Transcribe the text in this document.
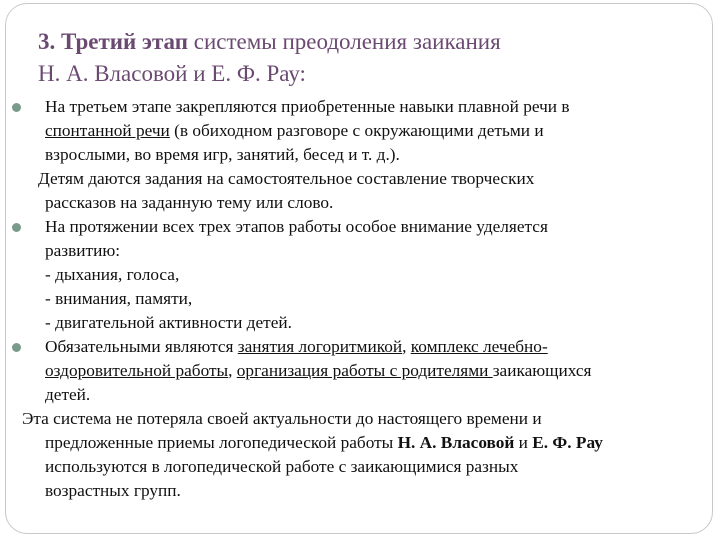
3. Третий этап системы преодоления заикания
Н. А. Власовой и Е. Ф. Рау:
На третьем этапе закрепляются приобретенные навыки плавной речи в
спонтанной речи (в обиходном разговоре с окружающими детьми и
взрослыми, во время игр, занятий, бесед и т. д.).
Детям даются задания на самостоятельное составление творческих
рассказов на заданную тему или слово.
На протяжении всех трех этапов работы особое внимание уделяется
развитию:
- дыхания, голоса,
- внимания, памяти,
- двигательной активности детей.
Обязательными являются занятия логоритмикой, комплекс лечебно-
оздоровительной работы, организация работы с родителями заикающихся
детей.
Эта система не потеряла своей актуальности до настоящего времени и
предложенные приемы логопедической работы Н. А. Власовой и Е. Ф. Рау
используются в логопедической работе с заикающимися разных
возрастных групп.
